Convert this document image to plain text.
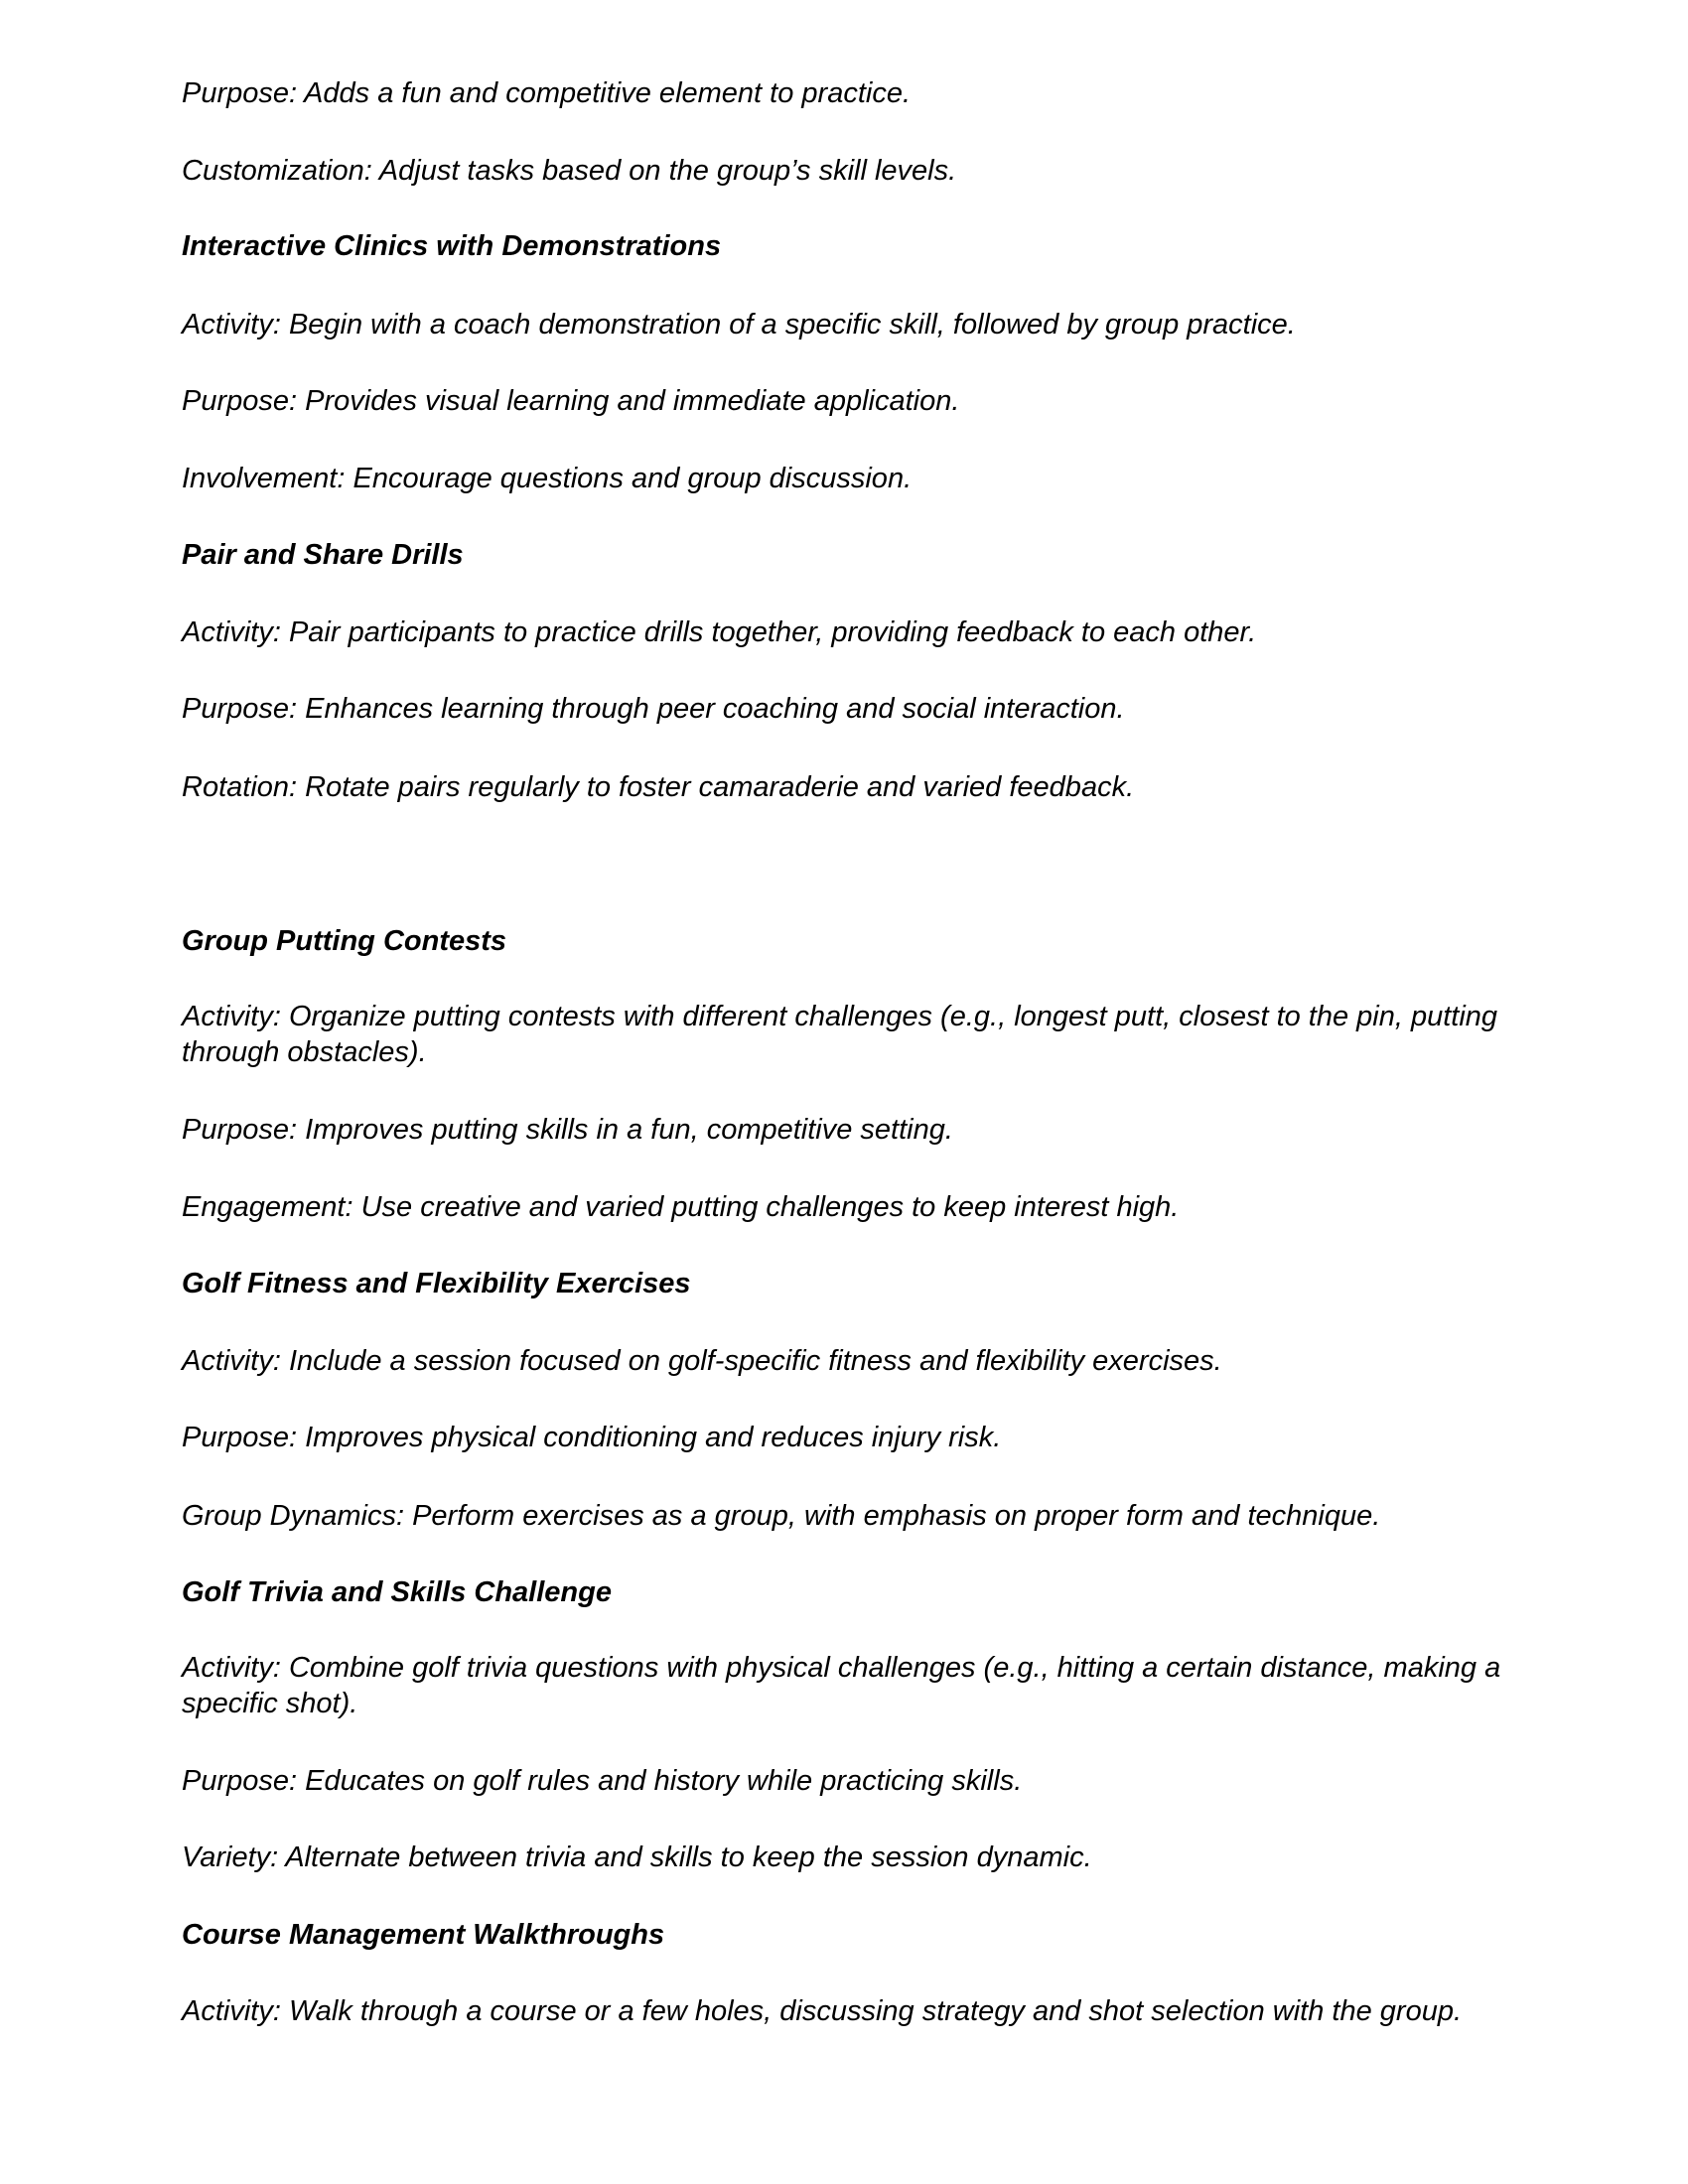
Purpose: Adds a fun and competitive element to practice.

Customization: Adjust tasks based on the group’s skill levels.

Interactive Clinics with Demonstrations

Activity: Begin with a coach demonstration of a specific skill, followed by group practice.

Purpose: Provides visual learning and immediate application.

Involvement: Encourage questions and group discussion.

Pair and Share Drills

Activity: Pair participants to practice drills together, providing feedback to each other.

Purpose: Enhances learning through peer coaching and social interaction.

Rotation: Rotate pairs regularly to foster camaraderie and varied feedback.

Group Putting Contests

Activity: Organize putting contests with different challenges (e.g., longest putt, closest to the pin, putting through obstacles).

Purpose: Improves putting skills in a fun, competitive setting.

Engagement: Use creative and varied putting challenges to keep interest high.

Golf Fitness and Flexibility Exercises

Activity: Include a session focused on golf-specific fitness and flexibility exercises.

Purpose: Improves physical conditioning and reduces injury risk.

Group Dynamics: Perform exercises as a group, with emphasis on proper form and technique.

Golf Trivia and Skills Challenge

Activity: Combine golf trivia questions with physical challenges (e.g., hitting a certain distance, making a specific shot).

Purpose: Educates on golf rules and history while practicing skills.

Variety: Alternate between trivia and skills to keep the session dynamic.

Course Management Walkthroughs

Activity: Walk through a course or a few holes, discussing strategy and shot selection with the group.
